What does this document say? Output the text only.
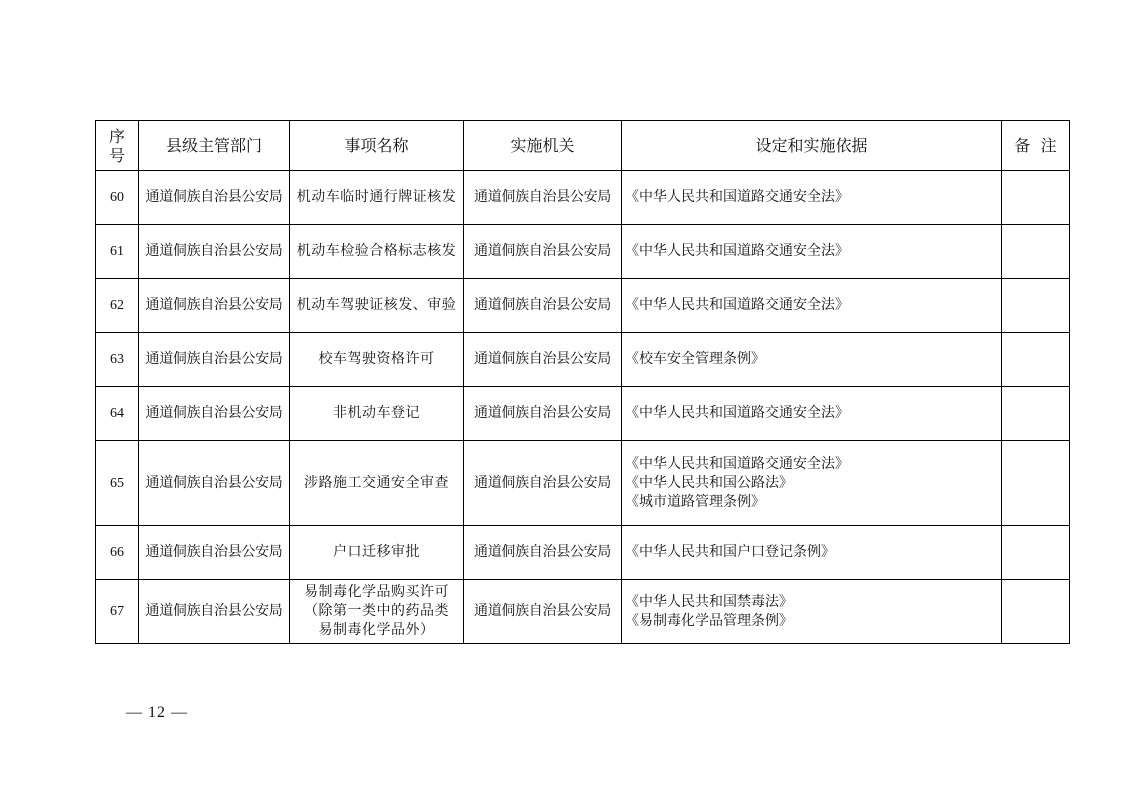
序
号	县级主管部门	事项名称	实施机关	设定和实施依据	备  注
60	通道侗族自治县公安局	机动车临时通行牌证核发	通道侗族自治县公安局	《中华人民共和国道路交通安全法》	

61	通道侗族自治县公安局	机动车检验合格标志核发	通道侗族自治县公安局	《中华人民共和国道路交通安全法》	

62	通道侗族自治县公安局	机动车驾驶证核发、审验	通道侗族自治县公安局	《中华人民共和国道路交通安全法》	

63	通道侗族自治县公安局	校车驾驶资格许可	通道侗族自治县公安局	《校车安全管理条例》	

64	通道侗族自治县公安局	非机动车登记	通道侗族自治县公安局	《中华人民共和国道路交通安全法》	

65	通道侗族自治县公安局	涉路施工交通安全审查	通道侗族自治县公安局	《中华人民共和国道路交通安全法》
《中华人民共和国公路法》
《城市道路管理条例》	

66	通道侗族自治县公安局	户口迁移审批	通道侗族自治县公安局	《中华人民共和国户口登记条例》	

67	通道侗族自治县公安局	易制毒化学品购买许可
（除第一类中的药品类
易制毒化学品外）	通道侗族自治县公安局	《中华人民共和国禁毒法》
《易制毒化学品管理条例》	

— 12 —
